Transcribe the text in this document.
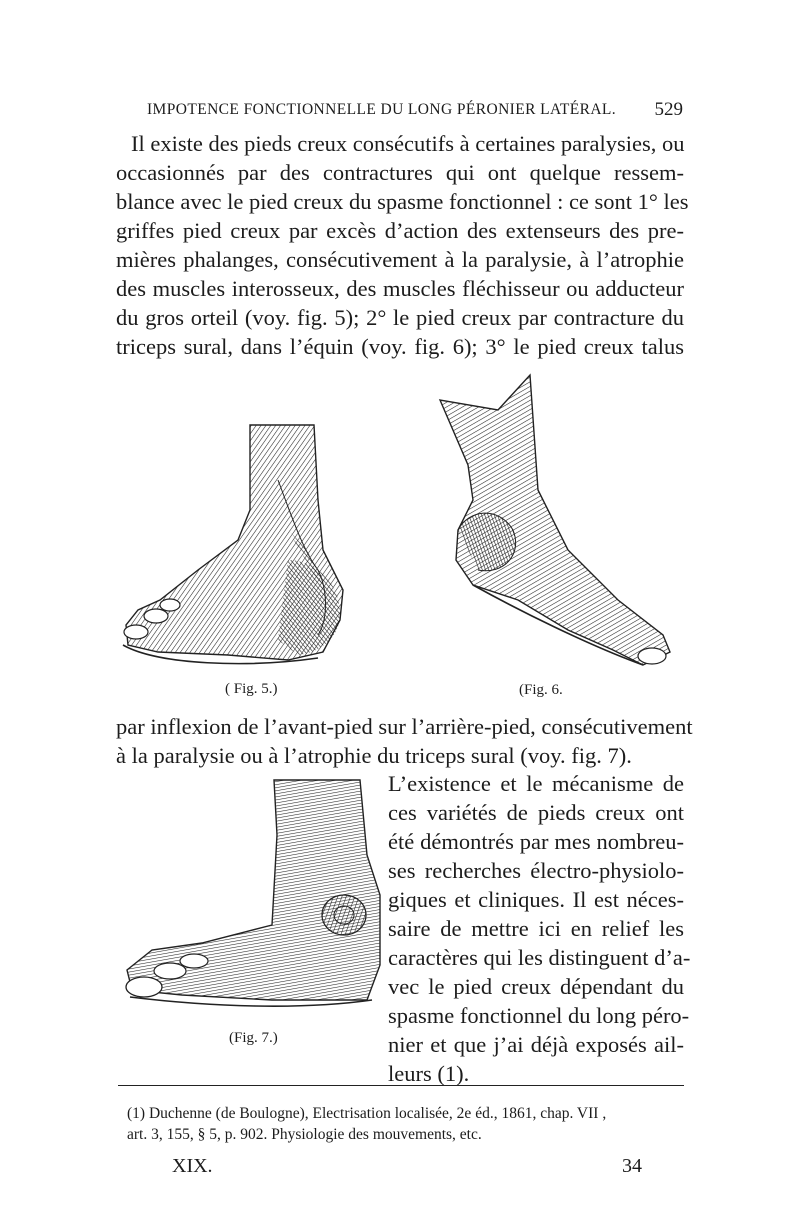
IMPOTENCE FONCTIONNELLE DU LONG PÉRONIER LATÉRAL. 529
Il existe des pieds creux consécutifs à certaines paralysies, ou
occasionnés par des contractures qui ont quelque ressem-
blance avec le pied creux du spasme fonctionnel : ce sont 1° les
griffes pied creux par excès d’action des extenseurs des pre-
mières phalanges, consécutivement à la paralysie, à l’atrophie
des muscles interosseux, des muscles fléchisseur ou adducteur
du gros orteil (voy. fig. 5); 2° le pied creux par contracture du
triceps sural, dans l’équin (voy. fig. 6); 3° le pied creux talus
( Fig. 5.)	(Fig. 6.
par inflexion de l’avant-pied sur l’arrière-pied, consécutivement
à la paralysie ou à l’atrophie du triceps sural (voy. fig. 7).
(Fig. 7.)
L’existence et le mécanisme de
ces variétés de pieds creux ont
été démontrés par mes nombreu-
ses recherches électro-physiolo-
giques et cliniques. Il est néces-
saire de mettre ici en relief les
caractères qui les distinguent d’a-
vec le pied creux dépendant du
spasme fonctionnel du long péro-
nier et que j’ai déjà exposés ail-
leurs (1).
(1) Duchenne (de Boulogne), Electrisation localisée, 2e éd., 1861, chap. VII ,
art. 3, 155, § 5, p. 902. Physiologie des mouvements, etc.
XIX.	34
